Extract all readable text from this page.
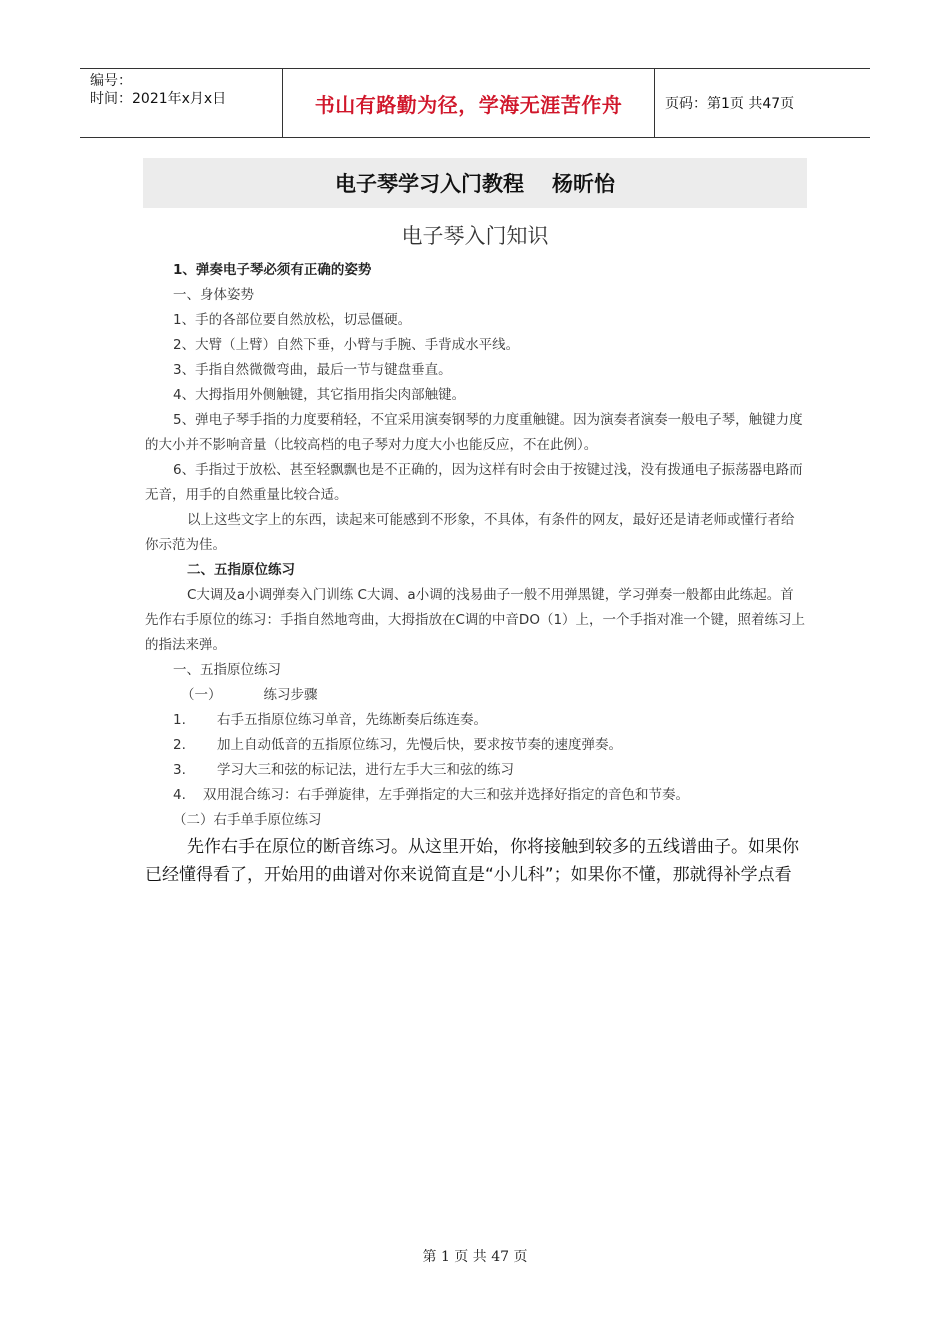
编号：
时间：2021年x月x日	书山有路勤为径，学海无涯苦作舟	页码：第1页 共47页
电子琴学习入门教程 杨昕怡
电子琴入门知识

1、弹奏电子琴必须有正确的姿势

一、身体姿势

1、手的各部位要自然放松，切忌僵硬。

2、大臂（上臂）自然下垂，小臂与手腕、手背成水平线。

3、手指自然微微弯曲，最后一节与键盘垂直。

4、大拇指用外侧触键，其它指用指尖肉部触键。

5、弹电子琴手指的力度要稍轻，不宜采用演奏钢琴的力度重触键。因为演奏者演奏一般电子琴，触键力度的大小并不影响音量（比较高档的电子琴对力度大小也能反应，不在此例）。

6、手指过于放松、甚至轻飘飘也是不正确的，因为这样有时会由于按键过浅，没有拨通电子振荡器电路而无音，用手的自然重量比较合适。

以上这些文字上的东西，读起来可能感到不形象，不具体，有条件的网友，最好还是请老师或懂行者给你示范为佳。

二、五指原位练习

C大调及a小调弹奏入门训练 C大调、a小调的浅易曲子一般不用弹黑键，学习弹奏一般都由此练起。首先作右手原位的练习：手指自然地弯曲，大拇指放在C调的中音DO（1）上，一个手指对准一个键，照着练习上的指法来弹。

一、五指原位练习

（一）	练习步骤

1.	右手五指原位练习单音，先练断奏后练连奏。
2.	加上自动低音的五指原位练习，先慢后快，要求按节奏的速度弹奏。
3.	学习大三和弦的标记法，进行左手大三和弦的练习
4.	双用混合练习：右手弹旋律，左手弹指定的大三和弦并选择好指定的音色和节奏。

（二）右手单手原位练习

先作右手在原位的断音练习。从这里开始，你将接触到较多的五线谱曲子。如果你已经懂得看了，开始用的曲谱对你来说简直是“小儿科”；如果你不懂，那就得补学点看

第 1 页 共 47 页
